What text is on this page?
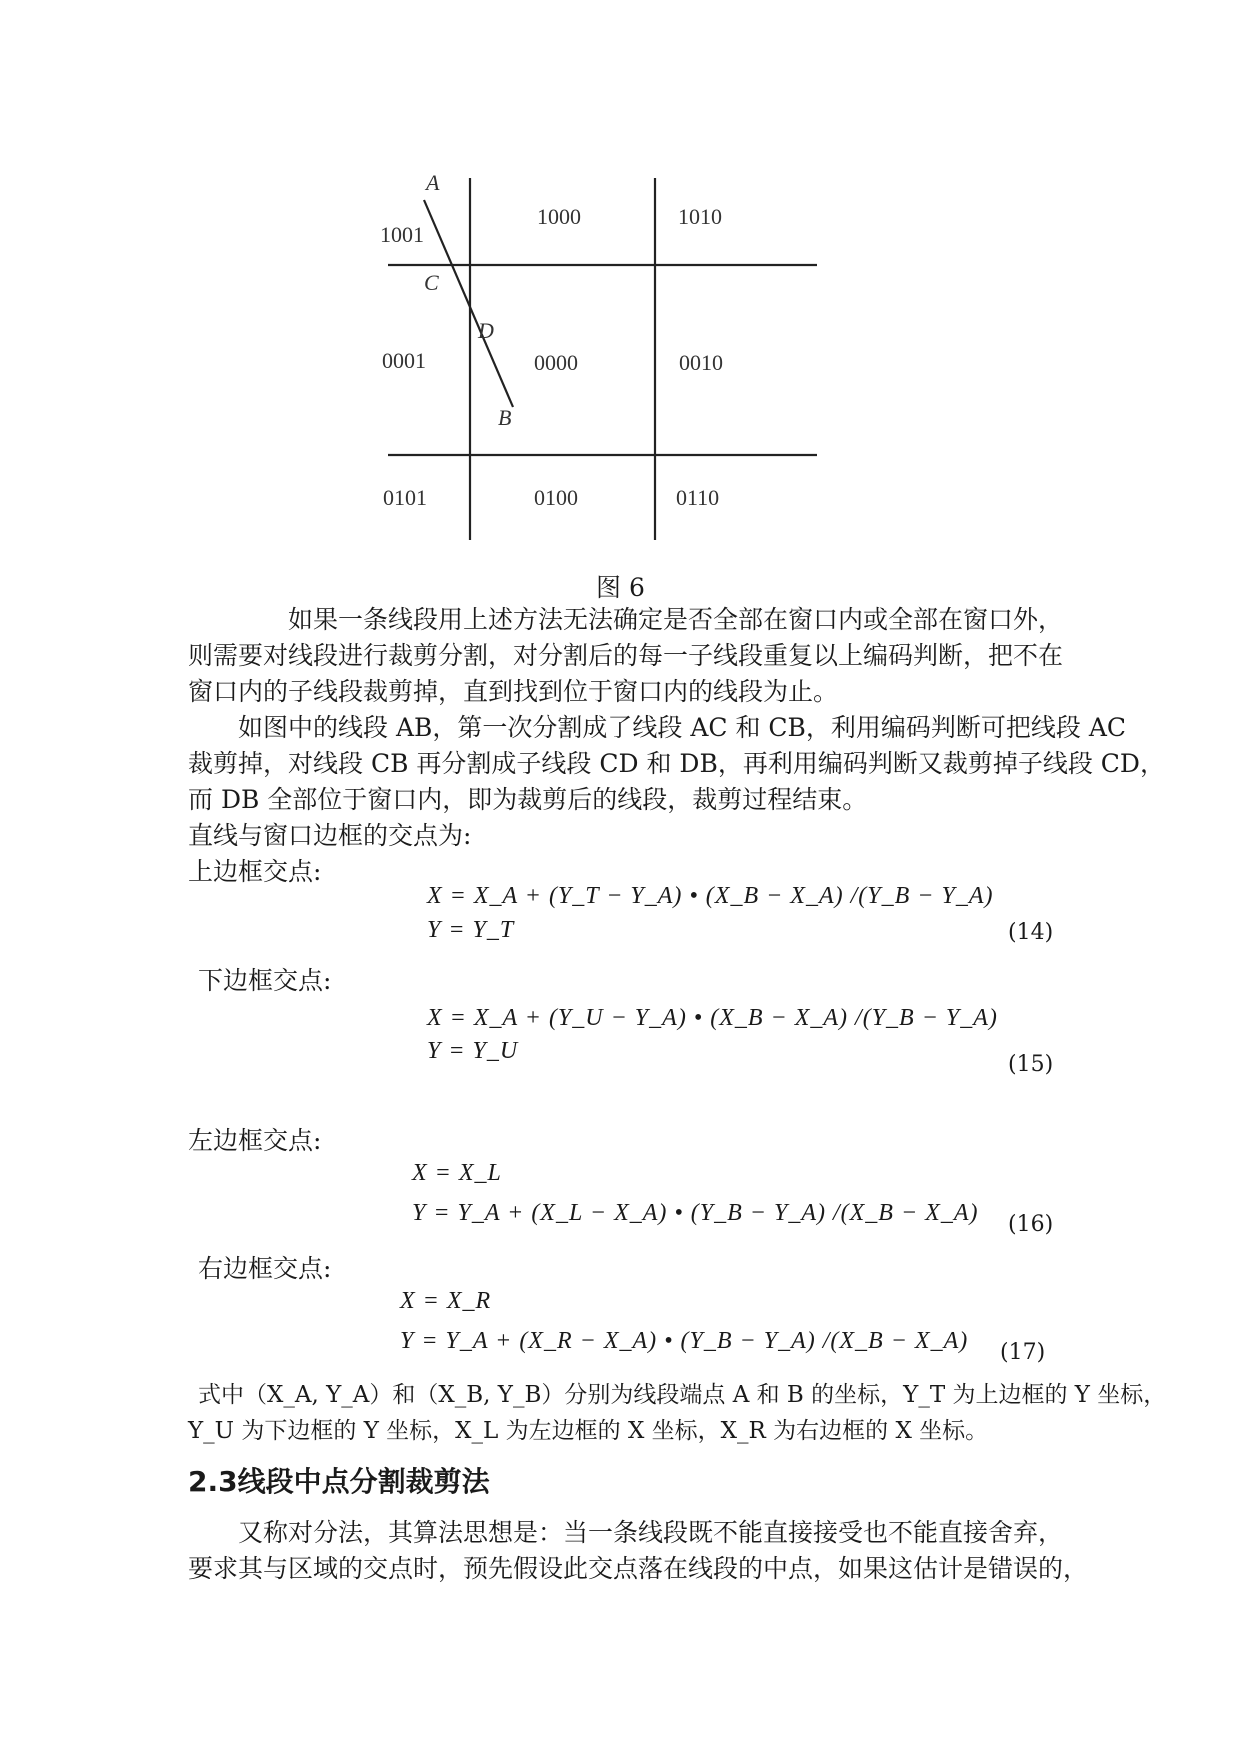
1001
1000	1010
0001	0000	0010
0101	0100	0110
A
C
D
B
图 6
如果一条线段用上述方法无法确定是否全部在窗口内或全部在窗口外，
则需要对线段进行裁剪分割，对分割后的每一子线段重复以上编码判断，把不在
窗口内的子线段裁剪掉，直到找到位于窗口内的线段为止。
如图中的线段 AB，第一次分割成了线段 AC 和 CB，利用编码判断可把线段 AC
裁剪掉，对线段 CB 再分割成子线段 CD 和 DB，再利用编码判断又裁剪掉子线段 CD，
而 DB 全部位于窗口内，即为裁剪后的线段，裁剪过程结束。
直线与窗口边框的交点为:
上边框交点:
X = X_A + (Y_T − Y_A) • (X_B − X_A) /(Y_B − Y_A)
Y = Y_T	(14)
下边框交点:
X = X_A + (Y_U − Y_A) • (X_B − X_A) /(Y_B − Y_A)
Y = Y_U
(15)
左边框交点:
X = X_L
Y = Y_A + (X_L − X_A) • (Y_B − Y_A) /(X_B − X_A) (16)
右边框交点:
X = X_R
Y = Y_A + (X_R − X_A) • (Y_B − Y_A) /(X_B − X_A) (17)
式中（X_A, Y_A）和（X_B, Y_B）分别为线段端点 A 和 B 的坐标，Y_T 为上边框的 Y 坐标，
Y_U 为下边框的 Y 坐标，X_L 为左边框的 X 坐标，X_R 为右边框的 X 坐标。
2.3线段中点分割裁剪法
又称对分法，其算法思想是：当一条线段既不能直接接受也不能直接舍弃，
要求其与区域的交点时，预先假设此交点落在线段的中点，如果这估计是错误的，
